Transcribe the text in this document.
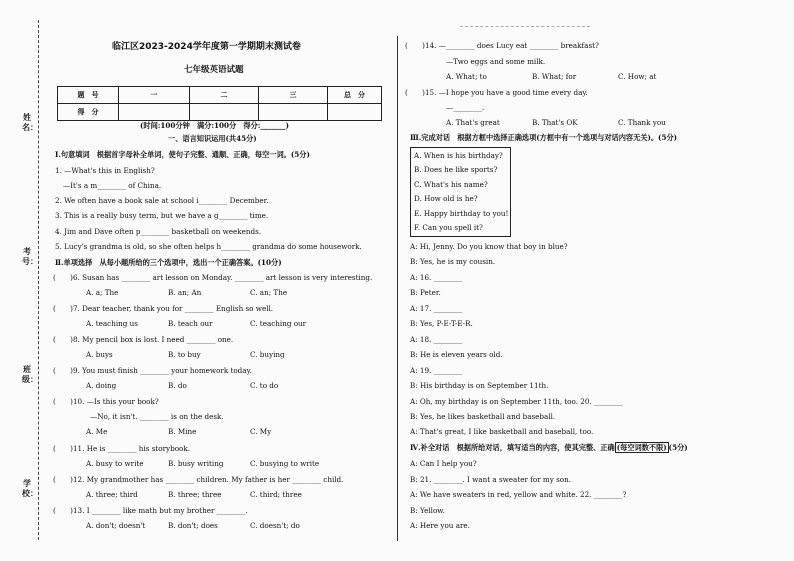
姓名：
考号：
班级：
学校：
临江区2023-2024学年度第一学期期末测试卷
七年级英语试题
题　号	一	二	三	总　分
得　分				
(时间:100分钟　满分:100分　得分:_______)
一、语言知识运用(共45分)
Ⅰ.句意填词　根据首字母补全单词，使句子完整、通顺、正确，每空一词。(5分)
1. —What's this in English?
—It's a m________ of China.
2. We often have a book sale at school i________ December.
3. This is a really busy term, but we have a g________ time.
4. Jim and Dave often p________ basketball on weekends.
5. Lucy's grandma is old, so she often helps h________ grandma do some housework.
Ⅱ.单项选择　从每小题所给的三个选项中，选出一个正确答案。(10分)
(　　)6. Susan has ________ art lesson on Monday. ________ art lesson is very interesting.
A. a; The	B. an; An	C. an; The
(　　)7. Dear teacher, thank you for ________ English so well.
A. teaching us	B. teach our	C. teaching our
(　　)8. My pencil box is lost. I need ________ one.
A. buys	B. to buy	C. buying
(　　)9. You must finish ________ your homework today.
A. doing	B. do	C. to do
(　　)10. —Is this your book?
—No, it isn't. ________ is on the desk.
A. Me	B. Mine	C. My
(　　)11. He is ________ his storybook.
A. busy to write	B. busy writing	C. busying to write
(　　)12. My grandmother has ________ children. My father is her ________ child.
A. three; third	B. three; three	C. third; three
(　　)13. I ________ like math but my brother ________.
A. don't; doesn't	B. don't; does	C. doesn't; do
(　　)14. —________ does Lucy eat ________ breakfast?
—Two eggs and some milk.
A. What; to	B. What; for	C. How; at
(　　)15. —I hope you have a good time every day.
—________.
A. That's great	B. That's OK	C. Thank you
Ⅲ.完成对话　根据方框中选择正确选项(方框中有一个选项与对话内容无关)。(5分)
A. When is his birthday?
B. Does he like sports?
C. What's his name?
D. How old is he?
E. Happy birthday to you!
F. Can you spell it?
A: Hi, Jenny. Do you know that boy in blue?
B: Yes, he is my cousin.
A: 16. ________
B: Peter.
A: 17. ________
B: Yes, P-E-T-E-R.
A: 18. ________
B: He is eleven years old.
A: 19. ________
B: His birthday is on September 11th.
A: Oh, my birthday is on September 11th, too. 20. ________
B: Yes, he likes basketball and baseball.
A: That's great, I like basketball and baseball, too.
Ⅳ.补全对话　根据所给对话，填写适当的内容，使其完整、正确 (每空词数不限) (5分)
A: Can I help you?
B: 21. ________. I want a sweater for my son.
A: We have sweaters in red, yellow and white. 22. ________?
B: Yellow.
A: Here you are.
